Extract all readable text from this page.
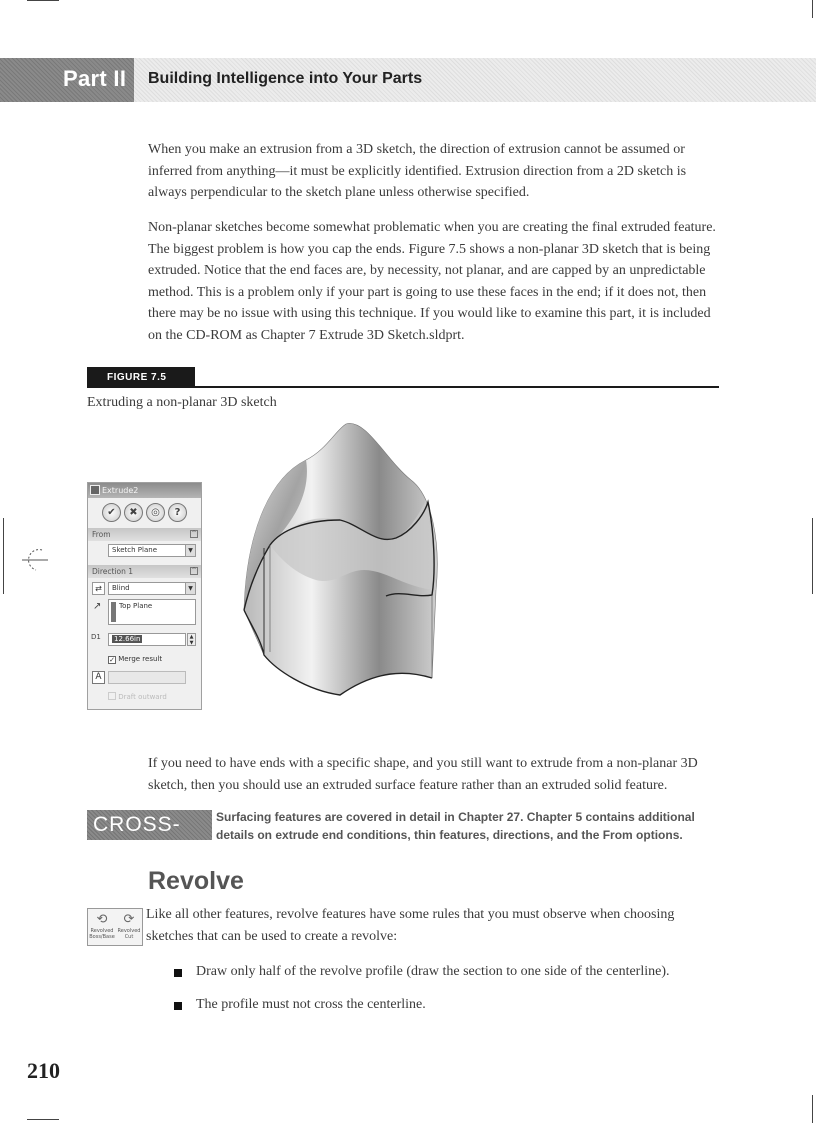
Part II Building Intelligence into Your Parts

When you make an extrusion from a 3D sketch, the direction of extrusion cannot be assumed or inferred from anything—it must be explicitly identified. Extrusion direction from a 2D sketch is always perpendicular to the sketch plane unless otherwise specified.

Non-planar sketches become somewhat problematic when you are creating the final extruded feature. The biggest problem is how you cap the ends. Figure 7.5 shows a non-planar 3D sketch that is being extruded. Notice that the end faces are, by necessity, not planar, and are capped by an unpredictable method. This is a problem only if your part is going to use these faces in the end; if it does not, then there may be no issue with using this technique. If you would like to examine this part, it is included on the CD-ROM as Chapter 7 Extrude 3D Sketch.sldprt.

FIGURE 7.5
Extruding a non-planar 3D sketch
Extrude2
✔	✖	◎	?
From	^
Sketch Plane	▼
Direction 1	^
⇄	Blind	▼
↗	Top Plane
D1	12.66in	▲
▼
✓ Merge result
A
Draft outward

If you need to have ends with a specific shape, and you still want to extrude from a non-planar 3D sketch, then you should use an extruded surface feature rather than an extruded solid feature.

CROSS-REF

Surfacing features are covered in detail in Chapter 27. Chapter 5 contains additional details on extrude end conditions, thin features, directions, and the From options.

Revolve
⟲
Revolved Boss/Base
⟳
Revolved Cut

Like all other features, revolve features have some rules that you must observe when choosing sketches that can be used to create a revolve:

Draw only half of the revolve profile (draw the section to one side of the centerline).
The profile must not cross the centerline.
210
